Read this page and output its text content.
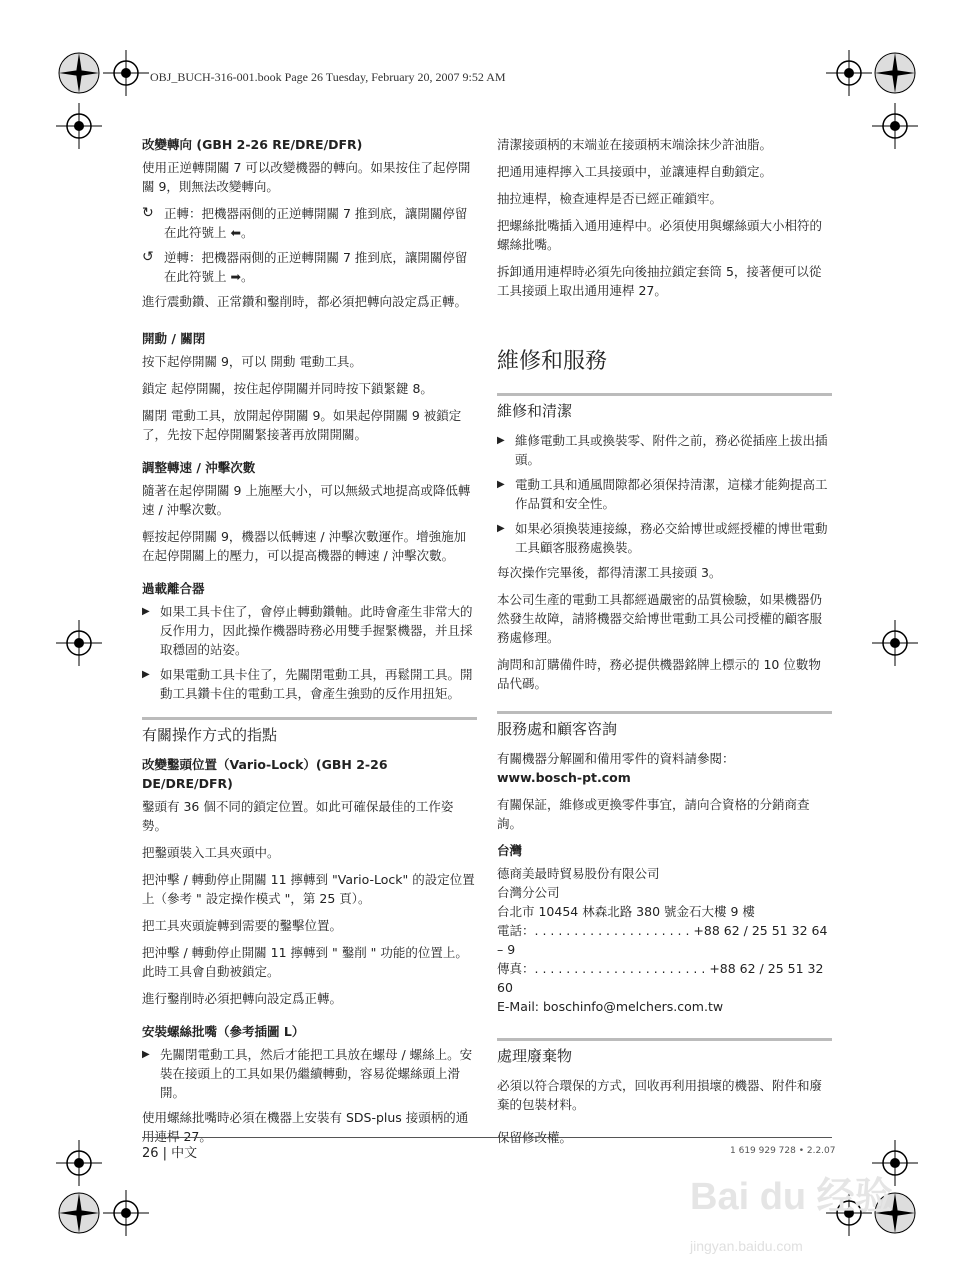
OBJ_BUCH-316-001.book Page 26 Tuesday, February 20, 2007 9:52 AM
改變轉向 (GBH 2-26 RE/DRE/DFR)

使用正逆轉開關 7 可以改變機器的轉向。如果按住了起停開關 9，則無法改變轉向。

↻ 正轉：把機器兩側的正逆轉開關 7 推到底，讓開關停留在此符號上 ⬅。
↺ 逆轉：把機器兩側的正逆轉開關 7 推到底，讓開關停留在此符號上 ➡。

進行震動鑽、正常鑽和鑿削時，都必須把轉向設定爲正轉。

開動 / 關閉

按下起停開關 9，可以 開動 電動工具。

鎖定 起停開關，按住起停開關并同時按下鎖緊鍵 8。

關閉 電動工具，放開起停開關 9。如果起停開關 9 被鎖定了，先按下起停開關緊接著再放開開關。

調整轉速 / 沖擊次數

隨著在起停開關 9 上施壓大小，可以無級式地提高或降低轉速 / 沖擊次數。

輕按起停開關 9，機器以低轉速 / 沖擊次數運作。增強施加在起停開關上的壓力，可以提高機器的轉速 / 沖擊次數。

過載離合器
▶ 如果工具卡住了，會停止轉動鑽軸。此時會產生非常大的反作用力，因此操作機器時務必用雙手握緊機器，并且採取穩固的站姿。
▶ 如果電動工具卡住了，先關閉電動工具，再鬆開工具。開動工具鑽卡住的電動工具，會產生強勁的反作用扭矩。
有關操作方式的指點
改變鑿頭位置（Vario-Lock）(GBH 2-26 DE/DRE/DFR)

鑿頭有 36 個不同的鎖定位置。如此可確保最佳的工作姿勢。

把鑿頭裝入工具夾頭中。

把沖擊 / 轉動停止開關 11 擰轉到 "Vario-Lock" 的設定位置上（參考 " 設定操作模式 "，第 25 頁）。

把工具夾頭旋轉到需要的鑿擊位置。

把沖擊 / 轉動停止開關 11 擰轉到 " 鑿削 " 功能的位置上。此時工具會自動被鎖定。

進行鑿削時必須把轉向設定爲正轉。

安裝螺絲批嘴（參考插圖 L）
▶ 先關閉電動工具，然后才能把工具放在螺母 / 螺絲上。安裝在接頭上的工具如果仍繼續轉動，容易從螺絲頭上滑開。

使用螺絲批嘴時必須在機器上安裝有 SDS-plus 接頭柄的通用連桿 27。

清潔接頭柄的末端並在接頭柄末端涂抹少許油脂。

把通用連桿擰入工具接頭中，並讓連桿自動鎖定。

抽拉連桿，檢查連桿是否已經正確鎖牢。

把螺絲批嘴插入通用連桿中。必須使用與螺絲頭大小相符的螺絲批嘴。

拆卸通用連桿時必須先向後抽拉鎖定套筒 5，接著便可以從 工具接頭上取出通用連桿 27。

維修和服務
維修和清潔
▶ 維修電動工具或換裝零、附件之前，務必從插座上拔出插頭。
▶ 電動工具和通風間隙都必須保持清潔，這樣才能夠提高工作品質和安全性。
▶ 如果必須換裝連接線，務必交給博世或經授權的博世電動工具顧客服務處換裝。

每次操作完畢後，都得清潔工具接頭 3。

本公司生產的電動工具都經過嚴密的品質檢驗，如果機器仍然發生故障，請將機器交給博世電動工具公司授權的顧客服務處修理。

詢問和訂購備件時，務必提供機器銘牌上標示的 10 位數物品代碼。

服務處和顧客咨詢

有關機器分解圖和備用零件的資料請參閱：

www.bosch-pt.com

有關保証，維修或更換零件事宜，請向合資格的分銷商查詢。

台灣
德商美最時貿易股份有限公司
台灣分公司
台北市 10454 林森北路 380 號金石大樓 9 樓
電話：. . . . . . . . . . . . . . . . . . . . +88 62 / 25 51 32 64 – 9
傳真：. . . . . . . . . . . . . . . . . . . . . . +88 62 / 25 51 32 60
E-Mail: boschinfo@melchers.com.tw
處理廢棄物

必須以符合環保的方式，回收再利用損壞的機器、附件和廢棄的包裝材料。

保留修改權。

26 | 中文	1 619 929 728 • 2.2.07
Bai du 经验
jingyan.baidu.com
